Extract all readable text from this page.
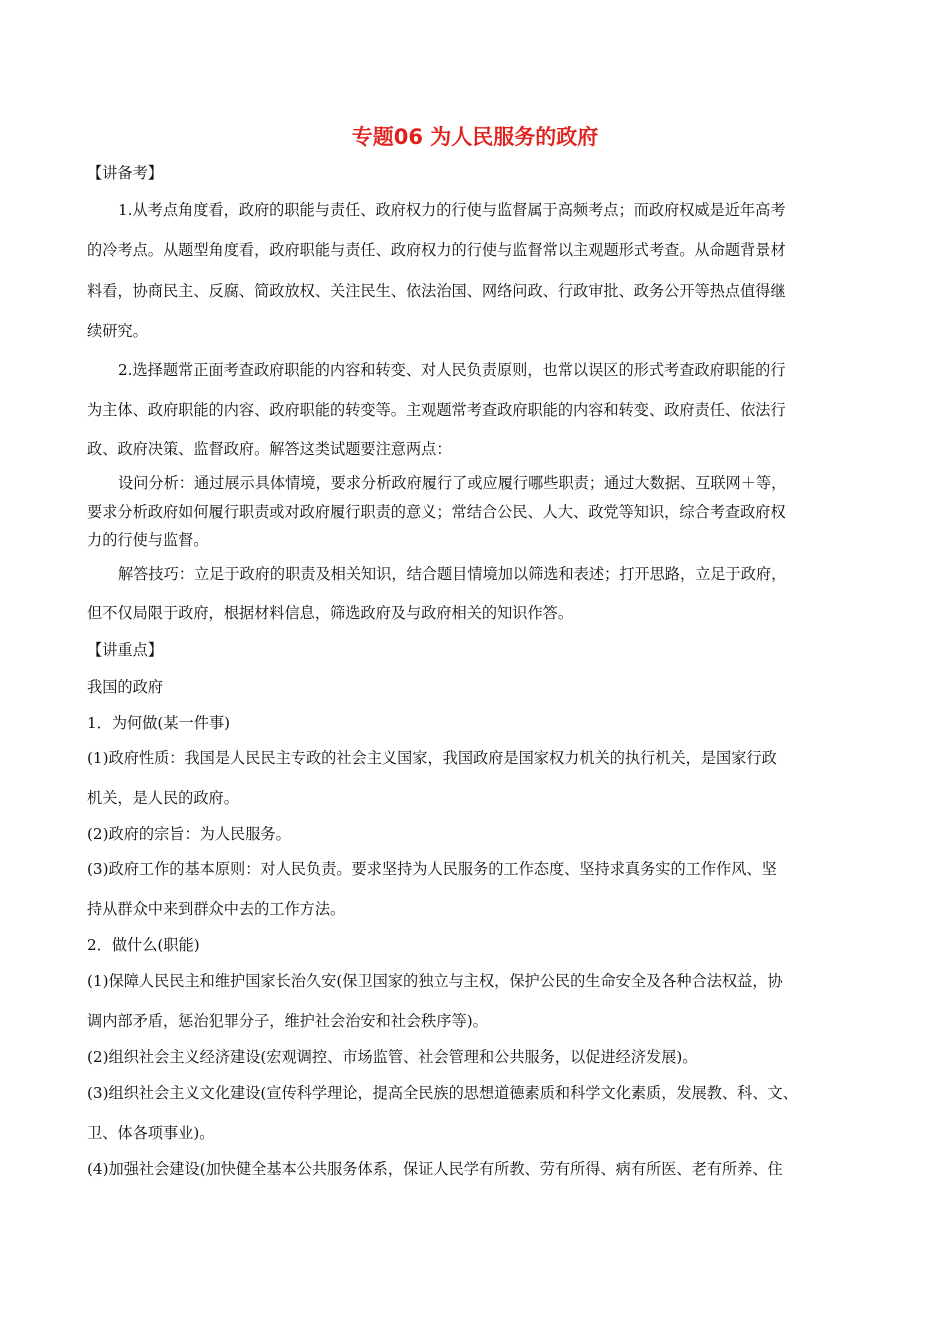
专题06 为人民服务的政府
【讲备考】
1.从考点角度看，政府的职能与责任、政府权力的行使与监督属于高频考点；而政府权威是近年高考
的冷考点。从题型角度看，政府职能与责任、政府权力的行使与监督常以主观题形式考查。从命题背景材
料看，协商民主、反腐、简政放权、关注民生、依法治国、网络问政、行政审批、政务公开等热点值得继
续研究。
2.选择题常正面考查政府职能的内容和转变、对人民负责原则，也常以误区的形式考查政府职能的行
为主体、政府职能的内容、政府职能的转变等。主观题常考查政府职能的内容和转变、政府责任、依法行
政、政府决策、监督政府。解答这类试题要注意两点：
设问分析：通过展示具体情境，要求分析政府履行了或应履行哪些职责；通过大数据、互联网＋等，
要求分析政府如何履行职责或对政府履行职责的意义；常结合公民、人大、政党等知识，综合考查政府权
力的行使与监督。
解答技巧：立足于政府的职责及相关知识，结合题目情境加以筛选和表述；打开思路，立足于政府，
但不仅局限于政府，根据材料信息，筛选政府及与政府相关的知识作答。
【讲重点】
我国的政府
1．为何做(某一件事)
(1)政府性质：我国是人民民主专政的社会主义国家，我国政府是国家权力机关的执行机关，是国家行政
机关，是人民的政府。
(2)政府的宗旨：为人民服务。
(3)政府工作的基本原则：对人民负责。要求坚持为人民服务的工作态度、坚持求真务实的工作作风、坚
持从群众中来到群众中去的工作方法。
2．做什么(职能)
(1)保障人民民主和维护国家长治久安(保卫国家的独立与主权，保护公民的生命安全及各种合法权益，协
调内部矛盾，惩治犯罪分子，维护社会治安和社会秩序等)。
(2)组织社会主义经济建设(宏观调控、市场监管、社会管理和公共服务，以促进经济发展)。
(3)组织社会主义文化建设(宣传科学理论，提高全民族的思想道德素质和科学文化素质，发展教、科、文、
卫、体各项事业)。
(4)加强社会建设(加快健全基本公共服务体系，保证人民学有所教、劳有所得、病有所医、老有所养、住
